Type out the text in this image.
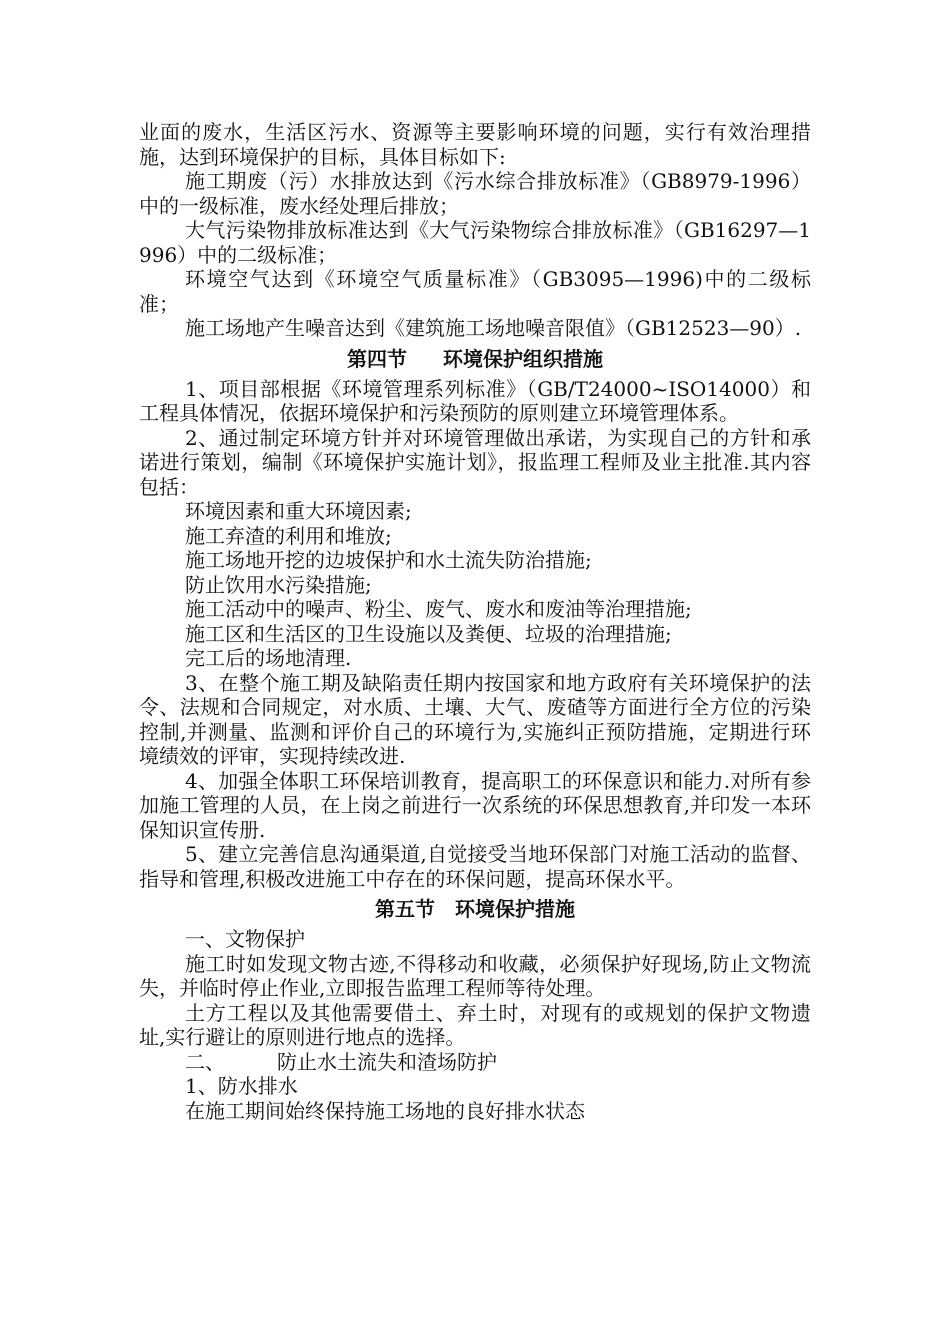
业面的废水，生活区污水、资源等主要影响环境的问题，实行有效治理措施，达到环境保护的目标，具体目标如下:

施工期废（污）水排放达到《污水综合排放标准》（GB8979-1996）中的一级标准，废水经处理后排放；

大气污染物排放标准达到《大气污染物综合排放标准》（GB16297—1996）中的二级标准；

环境空气达到《环境空气质量标准》（GB3095—1996)中的二级标准；

施工场地产生噪音达到《建筑施工场地噪音限值》（GB12523—90）.

第四节 环境保护组织措施

1、项目部根据《环境管理系列标准》（GB/T24000~ISO14000）和工程具体情况，依据环境保护和污染预防的原则建立环境管理体系。

2、通过制定环境方针并对环境管理做出承诺，为实现自己的方针和承诺进行策划，编制《环境保护实施计划》，报监理工程师及业主批准.其内容包括：

环境因素和重大环境因素;

施工弃渣的利用和堆放;

施工场地开挖的边坡保护和水土流失防治措施;

防止饮用水污染措施;

施工活动中的噪声、粉尘、废气、废水和废油等治理措施;

施工区和生活区的卫生设施以及粪便、垃圾的治理措施;

完工后的场地清理.

3、在整个施工期及缺陷责任期内按国家和地方政府有关环境保护的法令、法规和合同规定，对水质、土壤、大气、废碴等方面进行全方位的污染控制,并测量、监测和评价自己的环境行为,实施纠正预防措施，定期进行环境绩效的评审，实现持续改进.

4、加强全体职工环保培训教育，提高职工的环保意识和能力.对所有参加施工管理的人员，在上岗之前进行一次系统的环保思想教育,并印发一本环保知识宣传册.

5、建立完善信息沟通渠道,自觉接受当地环保部门对施工活动的监督、指导和管理,积极改进施工中存在的环保问题，提高环保水平。

第五节 环境保护措施

一、文物保护

施工时如发现文物古迹,不得移动和收藏，必须保护好现场,防止文物流失，并临时停止作业,立即报告监理工程师等待处理。

土方工程以及其他需要借土、弃土时，对现有的或规划的保护文物遗址,实行避让的原则进行地点的选择。

二、	防止水土流失和渣场防护

1、防水排水

在施工期间始终保持施工场地的良好排水状态
